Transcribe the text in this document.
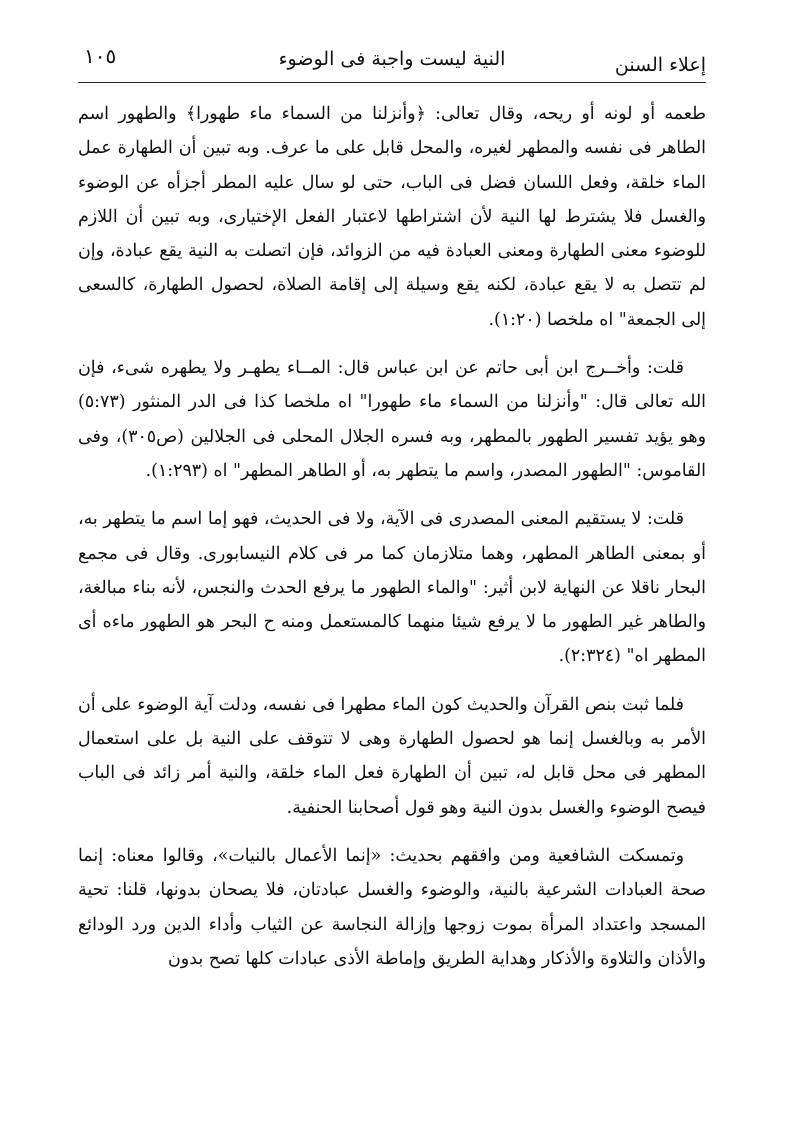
إعلاء السنن
النية ليست واجبة فى الوضوء
١٠٥

طعمه أو لونه أو ريحه، وقال تعالى: ﴿وأنزلنا من السماء ماء طهورا﴾ والطهور اسم الطاهر فى نفسه والمطهر لغيره، والمحل قابل على ما عرف. وبه تبين أن الطهارة عمل الماء خلقة، وفعل اللسان فضل فى الباب، حتى لو سال عليه المطر أجزأه عن الوضوء والغسل فلا يشترط لها النية لأن اشتراطها لاعتبار الفعل الإختيارى، وبه تبين أن اللازم للوضوء معنى الطهارة ومعنى العبادة فيه من الزوائد، فإن اتصلت به النية يقع عبادة، وإن لم تتصل به لا يقع عبادة، لكنه يقع وسيلة إلى إقامة الصلاة، لحصول الطهارة، كالسعى إلى الجمعة" اه ملخصا (١:٢٠).

قلت: وأخــرج ابن أبى حاتم عن ابن عباس قال: المــاء يطهـر ولا يطهره شىء، فإن الله تعالى قال: "وأنزلنا من السماء ماء طهورا" اه ملخصا كذا فى الدر المنثور (٥:٧٣) وهو يؤيد تفسير الطهور بالمطهر، وبه فسره الجلال المحلى فى الجلالين (ص٣٠٥)، وفى القاموس: "الطهور المصدر، واسم ما يتطهر به، أو الطاهر المطهر" اه (١:٢٩٣).

قلت: لا يستقيم المعنى المصدرى فى الآية، ولا فى الحديث، فهو إما اسم ما يتطهر به، أو بمعنى الطاهر المطهر، وهما متلازمان كما مر فى كلام النيسابورى. وقال فى مجمع البحار ناقلا عن النهاية لابن أثير: "والماء الطهور ما يرفع الحدث والنجس، لأنه بناء مبالغة، والطاهر غير الطهور ما لا يرفع شيئا منهما كالمستعمل ومنه ح البحر هو الطهور ماءه أى المطهر اه" (٢:٣٢٤).

فلما ثبت بنص القرآن والحديث كون الماء مطهرا فى نفسه، ودلت آية الوضوء على أن الأمر به وبالغسل إنما هو لحصول الطهارة وهى لا تتوقف على النية بل على استعمال المطهر فى محل قابل له، تبين أن الطهارة فعل الماء خلقة، والنية أمر زائد فى الباب فيصح الوضوء والغسل بدون النية وهو قول أصحابنا الحنفية.

وتمسكت الشافعية ومن وافقهم بحديث: «إنما الأعمال بالنيات»، وقالوا معناه: إنما صحة العبادات الشرعية بالنية، والوضوء والغسل عبادتان، فلا يصحان بدونها، قلنا: تحية المسجد واعتداد المرأة بموت زوجها وإزالة النجاسة عن الثياب وأداء الدين ورد الودائع والأذان والتلاوة والأذكار وهداية الطريق وإماطة الأذى عبادات كلها تصح بدون
